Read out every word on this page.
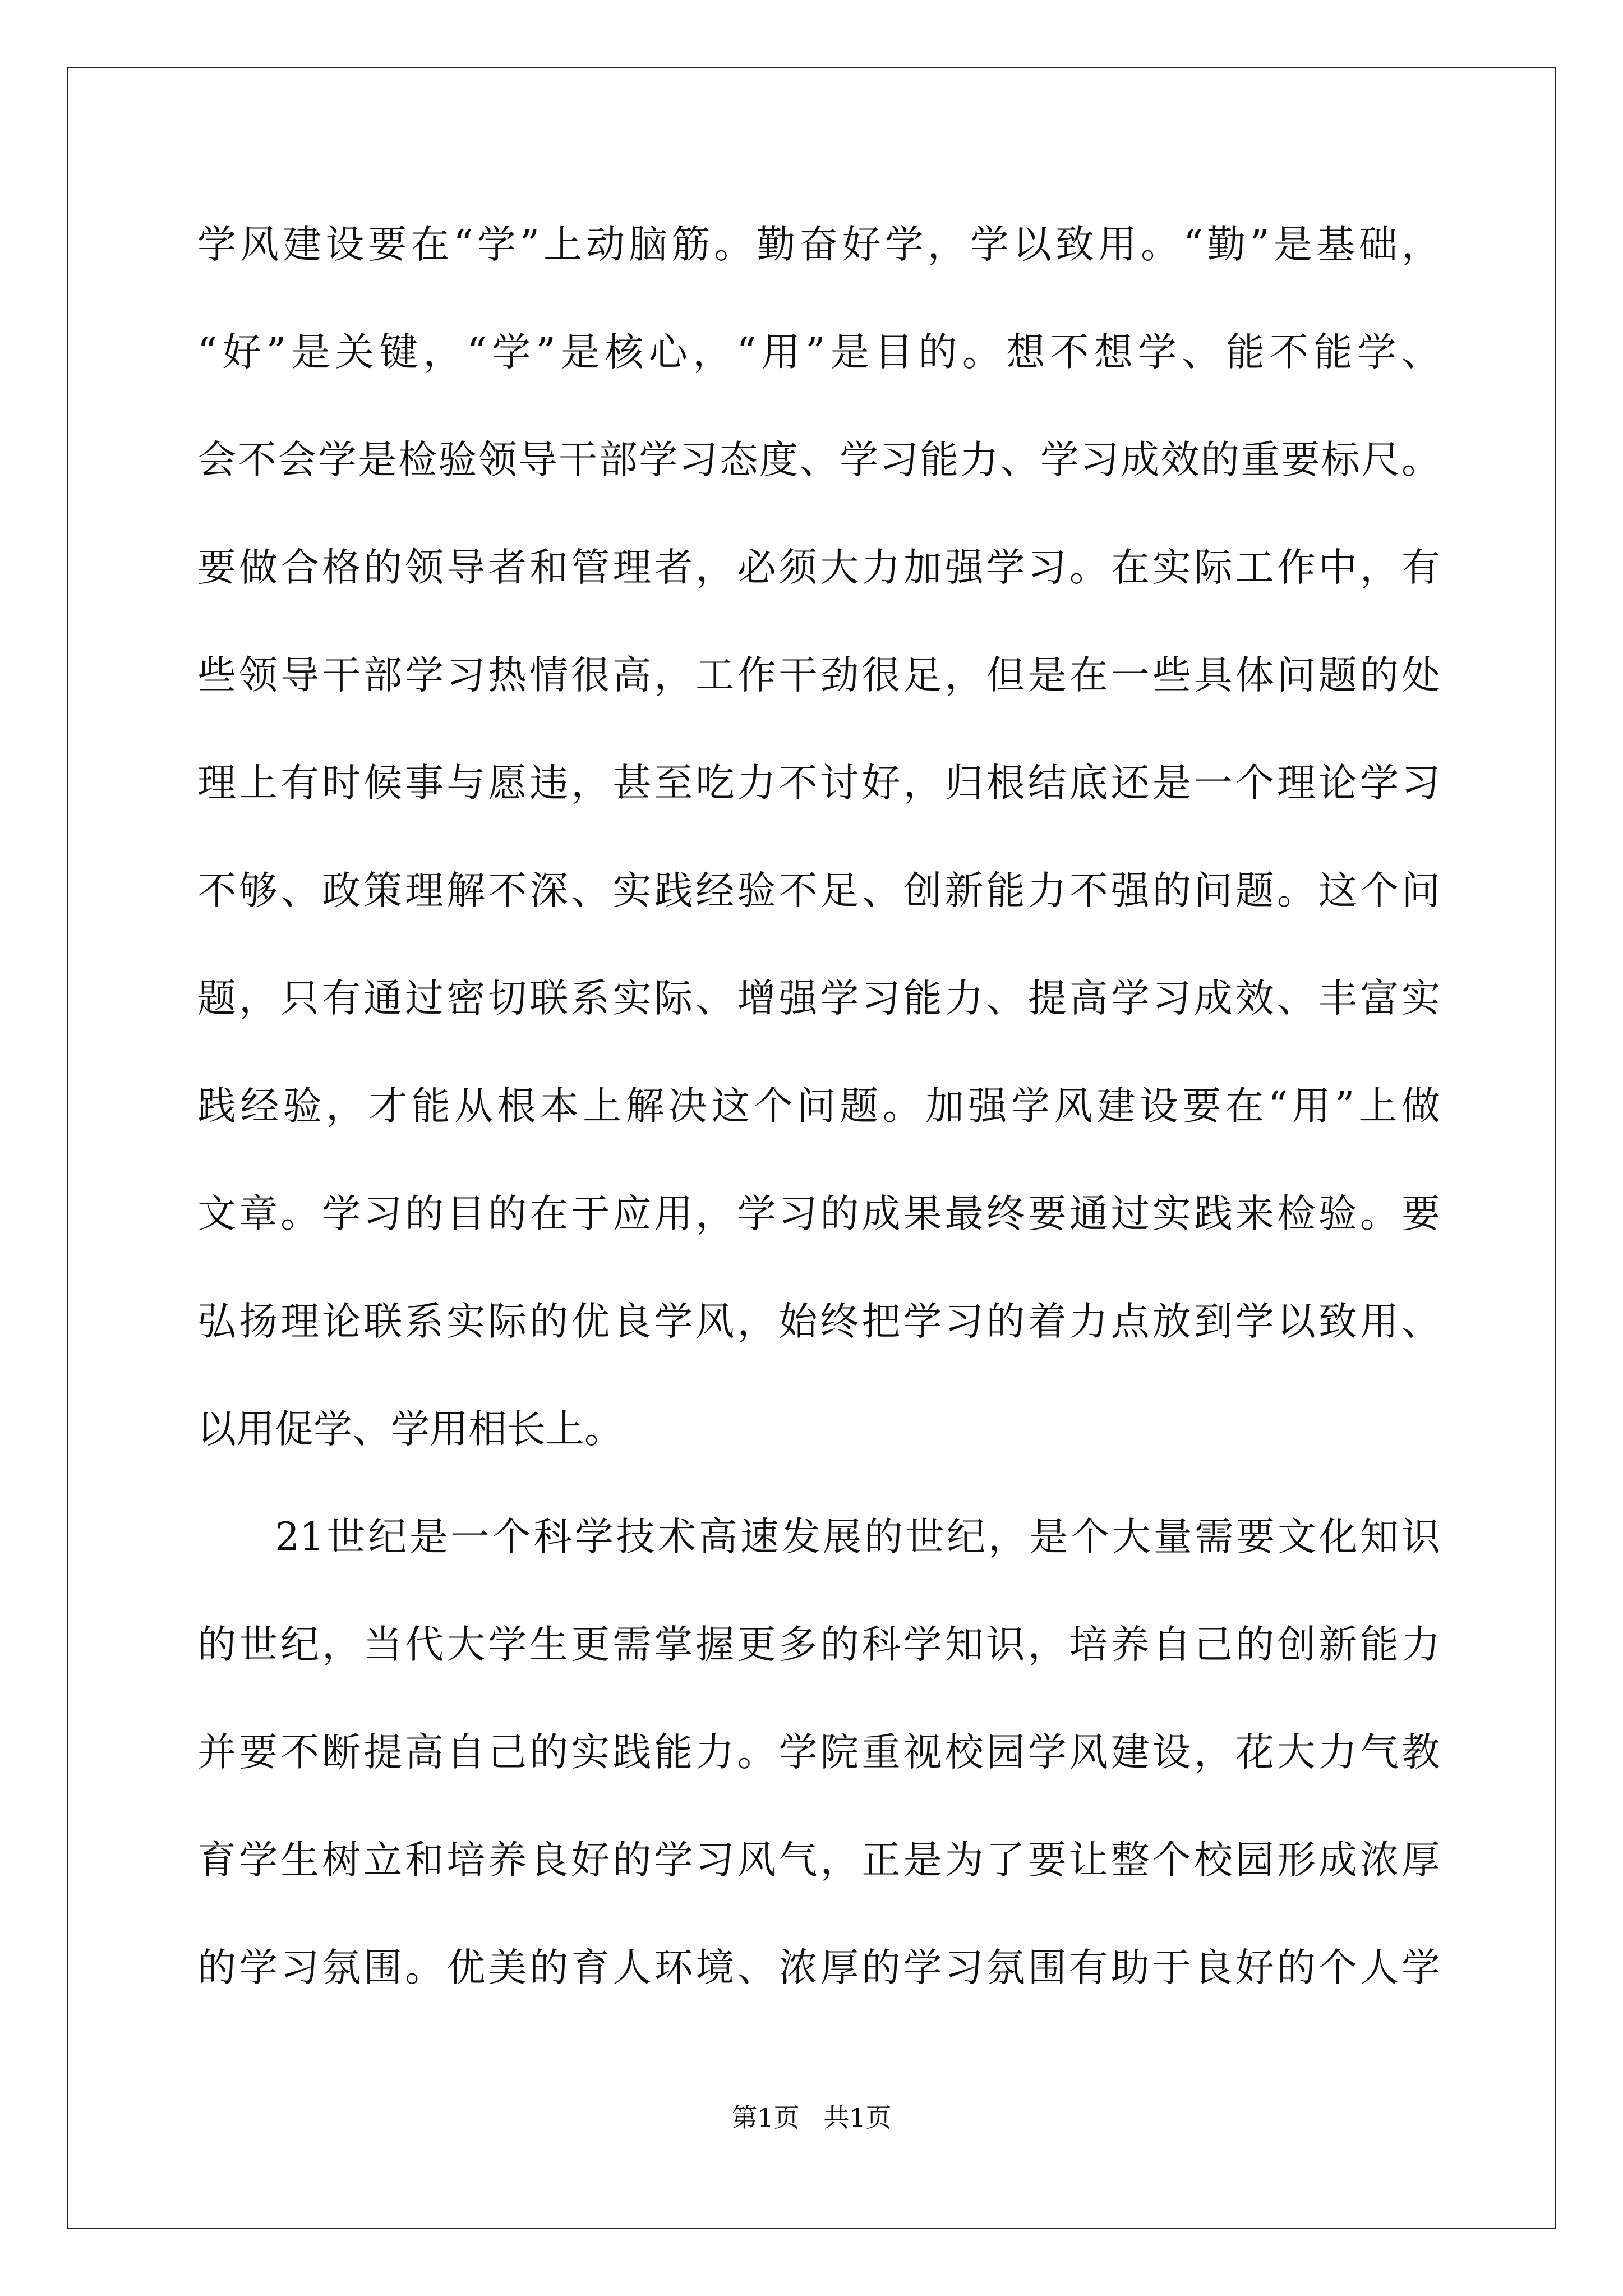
学风建设要在“学”上动脑筋。勤奋好学，学以致用。“勤”是基础，
“好”是关键，“学”是核心，“用”是目的。想不想学、能不能学、
会不会学是检验领导干部学习态度、学习能力、学习成效的重要标尺。
要做合格的领导者和管理者，必须大力加强学习。在实际工作中，有
些领导干部学习热情很高，工作干劲很足，但是在一些具体问题的处
理上有时候事与愿违，甚至吃力不讨好，归根结底还是一个理论学习
不够、政策理解不深、实践经验不足、创新能力不强的问题。这个问
题，只有通过密切联系实际、增强学习能力、提高学习成效、丰富实
践经验，才能从根本上解决这个问题。加强学风建设要在“用”上做
文章。学习的目的在于应用，学习的成果最终要通过实践来检验。要
弘扬理论联系实际的优良学风，始终把学习的着力点放到学以致用、
以用促学、学用相长上。
21世纪是一个科学技术高速发展的世纪，是个大量需要文化知识
的世纪，当代大学生更需掌握更多的科学知识，培养自己的创新能力
并要不断提高自己的实践能力。学院重视校园学风建设，花大力气教
育学生树立和培养良好的学习风气，正是为了要让整个校园形成浓厚
的学习氛围。优美的育人环境、浓厚的学习氛围有助于良好的个人学
第1页 共1页
